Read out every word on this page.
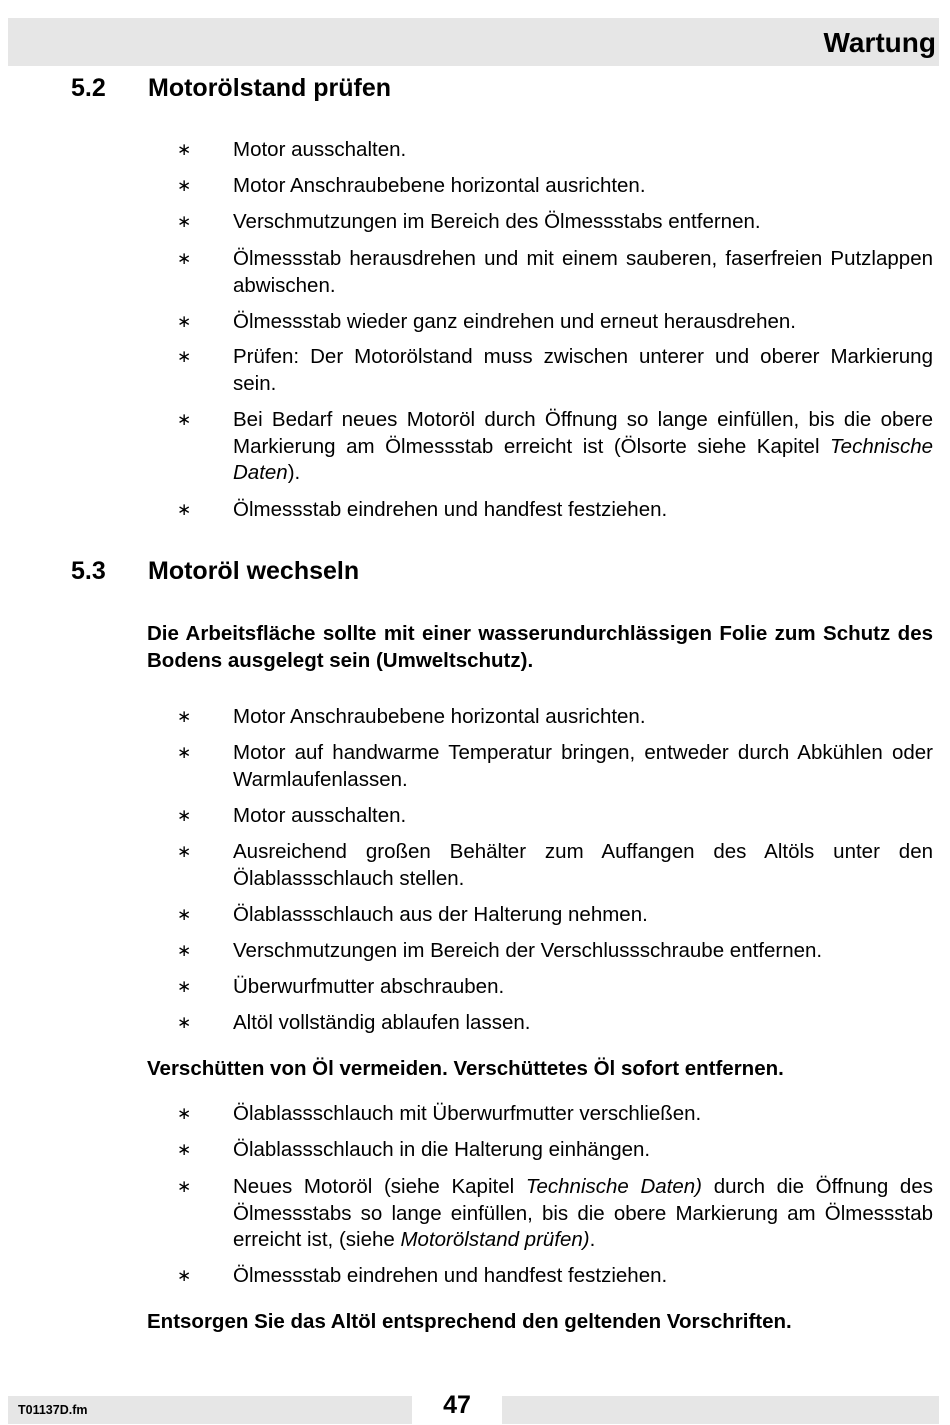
Wartung
5.2 Motorölstand prüfen
∗ Motor ausschalten.
∗ Motor Anschraubebene horizontal ausrichten.
∗ Verschmutzungen im Bereich des Ölmessstabs entfernen.
∗ Ölmessstab herausdrehen und mit einem sauberen, faserfreien Putzlappen abwischen.
∗ Ölmessstab wieder ganz eindrehen und erneut herausdrehen.
∗ Prüfen: Der Motorölstand muss zwischen unterer und oberer Markierung sein.
∗ Bei Bedarf neues Motoröl durch Öffnung so lange einfüllen, bis die obere Markierung am Ölmessstab erreicht ist (Ölsorte siehe Kapitel Technische Daten).
∗ Ölmessstab eindrehen und handfest festziehen.
5.3 Motoröl wechseln
Die Arbeitsfläche sollte mit einer wasserundurchlässigen Folie zum Schutz des Bodens ausgelegt sein (Umweltschutz).
∗ Motor Anschraubebene horizontal ausrichten.
∗ Motor auf handwarme Temperatur bringen, entweder durch Abkühlen oder Warmlaufenlassen.
∗ Motor ausschalten.
∗ Ausreichend großen Behälter zum Auffangen des Altöls unter den Ölablassschlauch stellen.
∗ Ölablassschlauch aus der Halterung nehmen.
∗ Verschmutzungen im Bereich der Verschlussschraube entfernen.
∗ Überwurfmutter abschrauben.
∗ Altöl vollständig ablaufen lassen.
Verschütten von Öl vermeiden. Verschüttetes Öl sofort entfernen.
∗ Ölablassschlauch mit Überwurfmutter verschließen.
∗ Ölablassschlauch in die Halterung einhängen.
∗ Neues Motoröl (siehe Kapitel Technische Daten) durch die Öffnung des Ölmessstabs so lange einfüllen, bis die obere Markierung am Ölmessstab erreicht ist, (siehe Motorölstand prüfen).
∗ Ölmessstab eindrehen und handfest festziehen.
Entsorgen Sie das Altöl entsprechend den geltenden Vorschriften.
T01137D.fm	47
